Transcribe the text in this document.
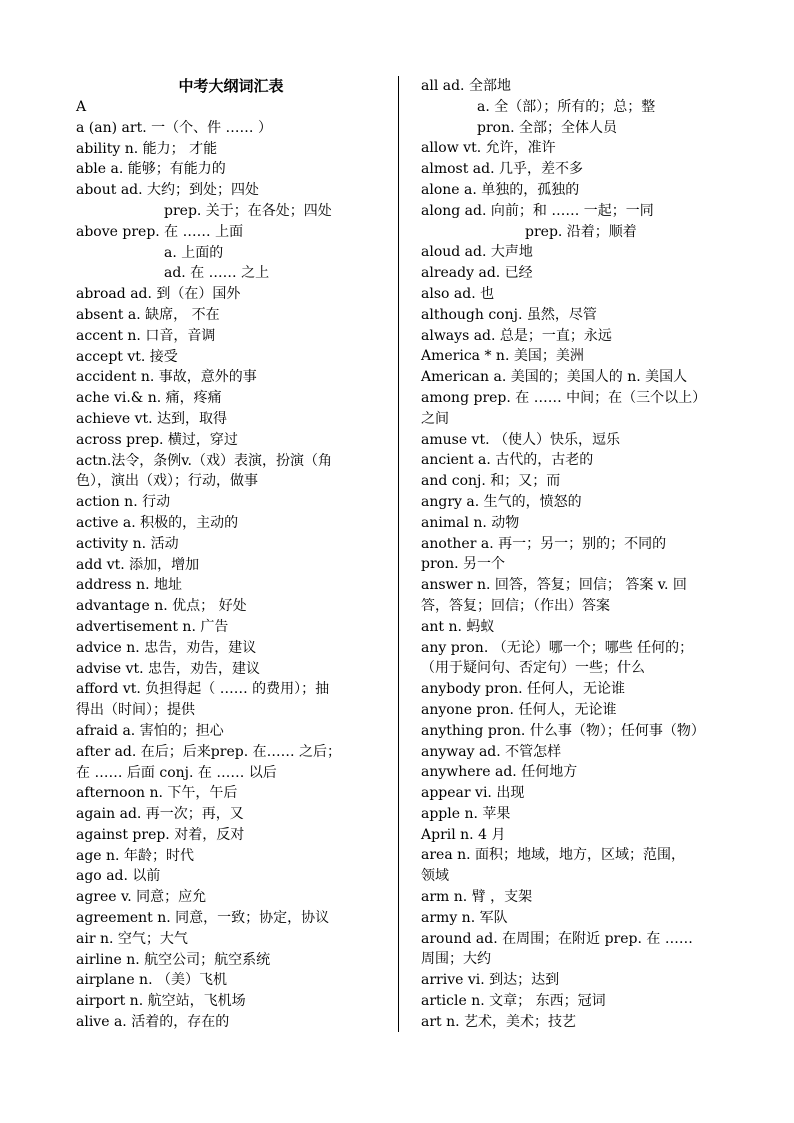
中考大纲词汇表
A
a (an) art. 一（个、件 …… ）
ability n. 能力； 才能
able a. 能够；有能力的
about ad. 大约；到处；四处
prep. 关于；在各处；四处
above prep. 在 …… 上面
a. 上面的
ad. 在 …… 之上
abroad ad. 到（在）国外
absent a. 缺席， 不在
accent n. 口音，音调
accept vt. 接受
accident n. 事故，意外的事
ache vi.& n. 痛，疼痛
achieve vt. 达到，取得
across prep. 横过，穿过
actn.法令，条例v.（戏）表演，扮演（角
色），演出（戏）；行动，做事
action n. 行动
active a. 积极的，主动的
activity n. 活动
add vt. 添加，增加
address n. 地址
advantage n. 优点； 好处
advertisement n. 广告
advice n. 忠告，劝告，建议
advise vt. 忠告，劝告，建议
afford vt. 负担得起（ …… 的费用）；抽
得出（时间）；提供
afraid a. 害怕的；担心
after ad. 在后；后来prep. 在…… 之后；
在 …… 后面 conj. 在 …… 以后
afternoon n. 下午，午后
again ad. 再一次；再，又
against prep. 对着，反对
age n. 年龄；时代
ago ad. 以前
agree v. 同意；应允
agreement n. 同意，一致；协定，协议
air n. 空气；大气
airline n. 航空公司；航空系统
airplane n. （美）飞机
airport n. 航空站，飞机场
alive a. 活着的，存在的
all ad. 全部地
a. 全（部）；所有的；总；整
pron. 全部；全体人员
allow vt. 允许，准许
almost ad. 几乎，差不多
alone a. 单独的，孤独的
along ad. 向前；和 …… 一起；一同
prep. 沿着；顺着
aloud ad. 大声地
already ad. 已经
also ad. 也
although conj. 虽然，尽管
always ad. 总是；一直；永远
America * n. 美国；美洲
American a. 美国的；美国人的 n. 美国人
among prep. 在 …… 中间；在（三个以上）
之间
amuse vt. （使人）快乐，逗乐
ancient a. 古代的，古老的
and conj. 和；又；而
angry a. 生气的，愤怒的
animal n. 动物
another a. 再一；另一；别的；不同的
pron. 另一个
answer n. 回答，答复；回信； 答案 v. 回
答，答复；回信；（作出）答案
ant n. 蚂蚁
any pron. （无论）哪一个；哪些 任何的；
（用于疑问句、否定句）一些；什么
anybody pron. 任何人，无论谁
anyone pron. 任何人，无论谁
anything pron. 什么事（物）；任何事（物）
anyway ad. 不管怎样
anywhere ad. 任何地方
appear vi. 出现
apple n. 苹果
April n. 4 月
area n. 面积；地域，地方，区域；范围，
领域
arm n. 臂 ，支架
army n. 军队
around ad. 在周围；在附近 prep. 在 ……
周围；大约
arrive vi. 到达；达到
article n. 文章； 东西；冠词
art n. 艺术，美术；技艺
